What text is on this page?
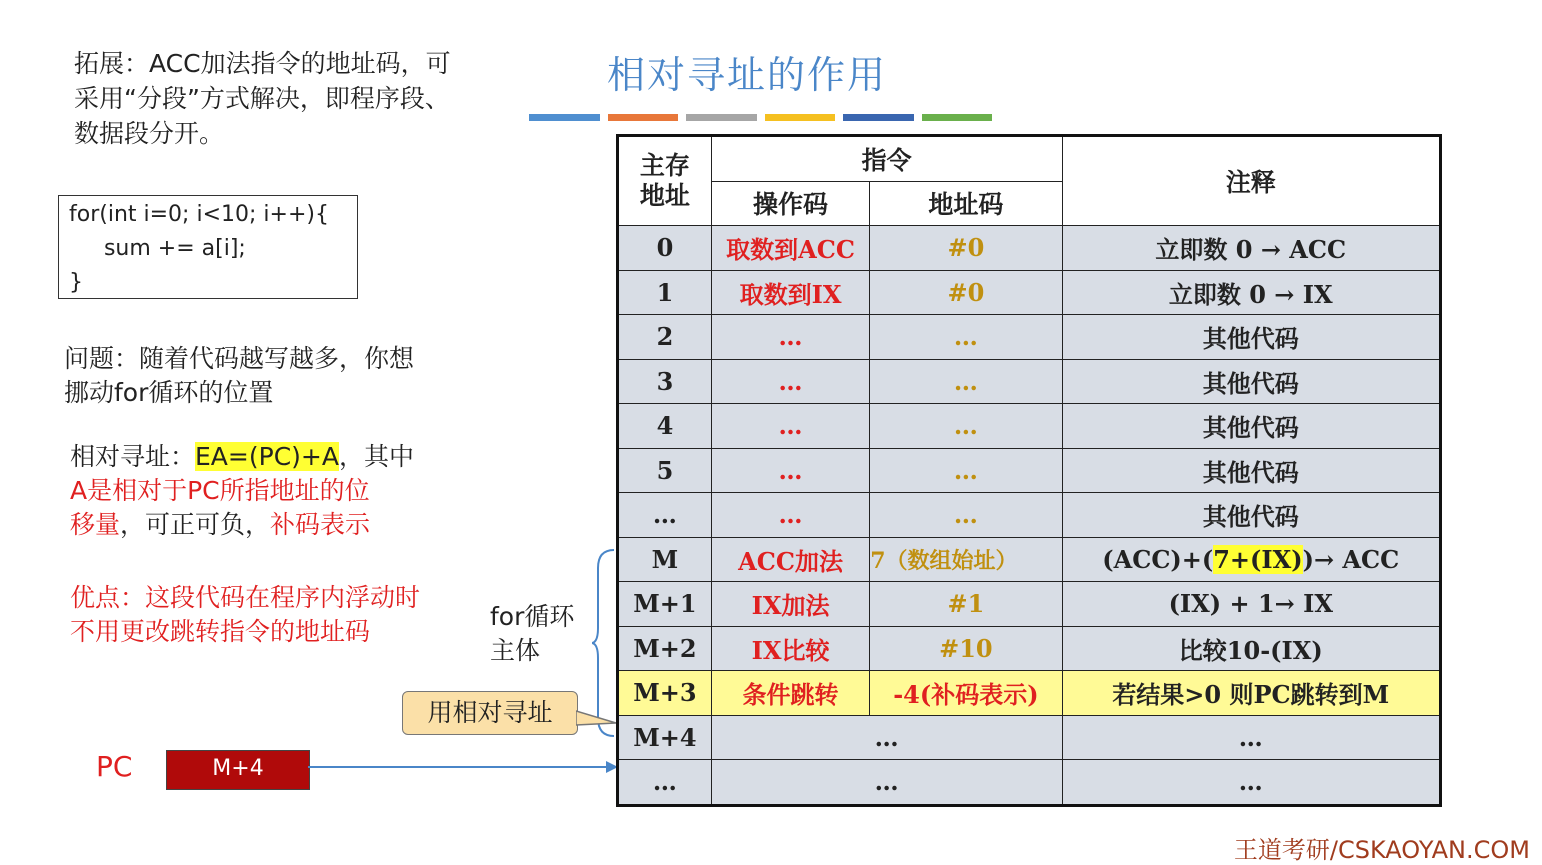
相对寻址的作用
拓展：ACC加法指令的地址码，可采用“分段”方式解决，即程序段、数据段分开。
for(int i=0; i<10; i++){
sum += a[i];
}
问题：随着代码越写越多，你想挪动for循环的位置
相对寻址：EA=(PC)+A，其中
A是相对于PC所指地址的位
移量，可正可负，补码表示
优点：这段代码在程序内浮动时不用更改跳转指令的地址码
for循环
主体
用相对寻址
PC	M+4
主存
地址	指令		注释
	操作码	地址码	
0	取数到ACC	#0	立即数 0 → ACC
1	取数到IX	#0	立即数 0 → IX
2	…	…	其他代码
3	…	…	其他代码
4	…	…	其他代码
5	…	…	其他代码
…	…	…	其他代码
M	ACC加法	7（数组始址）	(ACC)+(7+(IX))→ ACC
M+1	IX加法	#1	(IX) + 1→ IX
M+2	IX比较	#10	比较10-(IX)
M+3	条件跳转	-4(补码表示)	若结果>0 则PC跳转到M
M+4	…		…
…	…		…
王道考研/CSKAOYAN.COM
